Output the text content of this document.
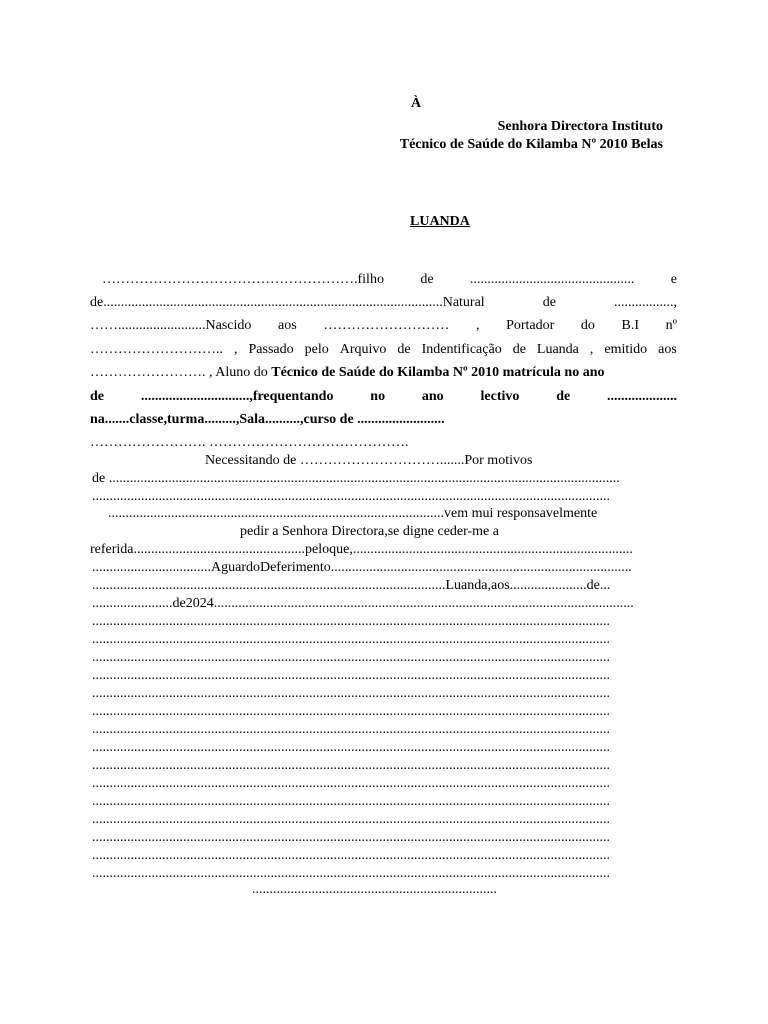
À
Senhora Directora Instituto
Técnico de Saúde do Kilamba Nº 2010 Belas
LUANDA
……………………………………………….filho	de	...............................................	e
de.................................................................................................Natural	de	.................,
…….........................Nascido aos ……………………… , Portador do B.I nº
……………………….. , Passado pelo Arquivo de Indentificação de Luanda , emitido aos
……………………. , Aluno do Técnico de Saúde do Kilamba Nº 2010 matrícula no ano
de	...............................,frequentando	no	ano	lectivo	de	....................
na.......classe,turma.........,Sala..........,curso de .........................
……………………. …………………………………….
Necessitando de ………………………….......Por motivos
de ..................................................................................................................................................
....................................................................................................................................................
................................................................................................vem mui responsavelmente
pedir a Senhora Directora,se digne ceder-me a
referida.................................................peloque,................................................................................
..................................AguardoDeferimento......................................................................................
.....................................................................................................Luanda,aos......................de...
.......................de2024........................................................................................................................
....................................................................................................................................................
....................................................................................................................................................
....................................................................................................................................................
....................................................................................................................................................
....................................................................................................................................................
....................................................................................................................................................
....................................................................................................................................................
....................................................................................................................................................
....................................................................................................................................................
....................................................................................................................................................
....................................................................................................................................................
....................................................................................................................................................
....................................................................................................................................................
....................................................................................................................................................
....................................................................................................................................................
......................................................................
